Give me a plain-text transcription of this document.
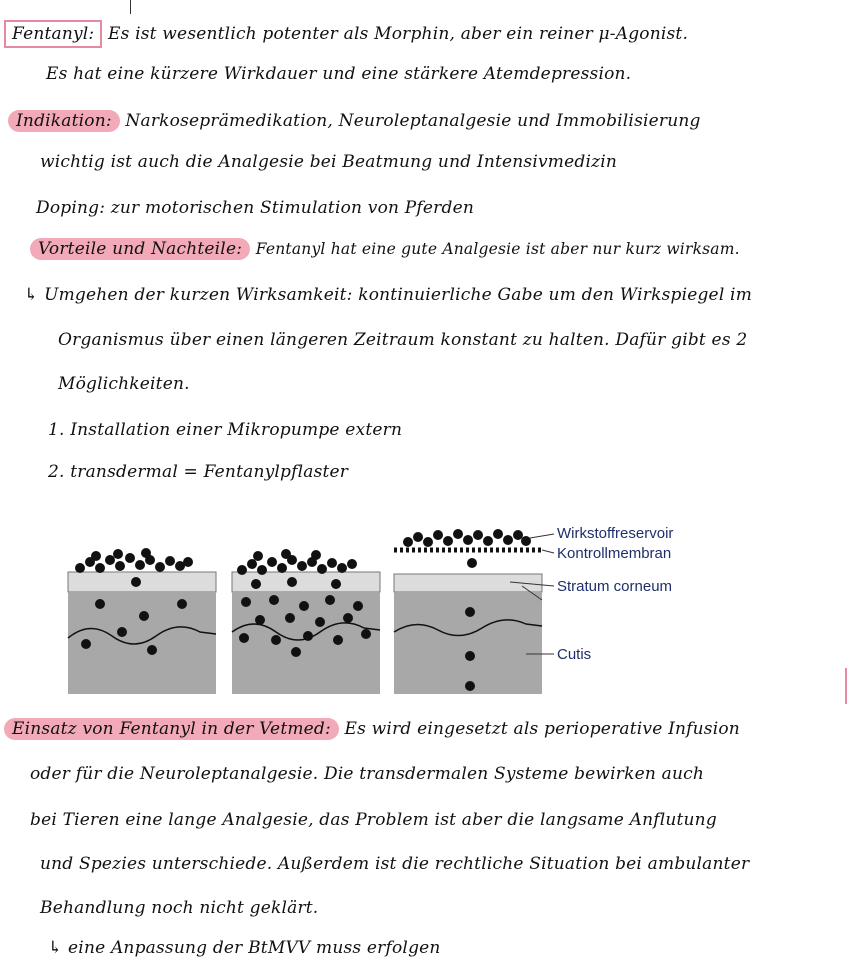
Fentanyl: Es ist wesentlich potenter als Morphin, aber ein reiner μ-Agonist.
Es hat eine kürzere Wirkdauer und eine stärkere Atemdepression.
Indikation: Narkoseprämedikation, Neuroleptanalgesie und Immobilisierung
wichtig ist auch die Analgesie bei Beatmung und Intensivmedizin
Doping: zur motorischen Stimulation von Pferden
Vorteile und Nachteile: Fentanyl hat eine gute Analgesie ist aber nur kurz wirksam.
↳ Umgehen der kurzen Wirksamkeit: kontinuierliche Gabe um den Wirkspiegel im
Organismus über einen längeren Zeitraum konstant zu halten. Dafür gibt es 2
Möglichkeiten.
1. Installation einer Mikropumpe extern
2. transdermal = Fentanylpflaster
Wirkstoffreservoir
Kontrollmembran
Stratum corneum
Cutis
Einsatz von Fentanyl in der Vetmed: Es wird eingesetzt als perioperative Infusion
oder für die Neuroleptanalgesie. Die transdermalen Systeme bewirken auch
bei Tieren eine lange Analgesie, das Problem ist aber die langsame Anflutung
und Spezies unterschiede. Außerdem ist die rechtliche Situation bei ambulanter
Behandlung noch nicht geklärt.
↳ eine Anpassung der BtMVV muss erfolgen
